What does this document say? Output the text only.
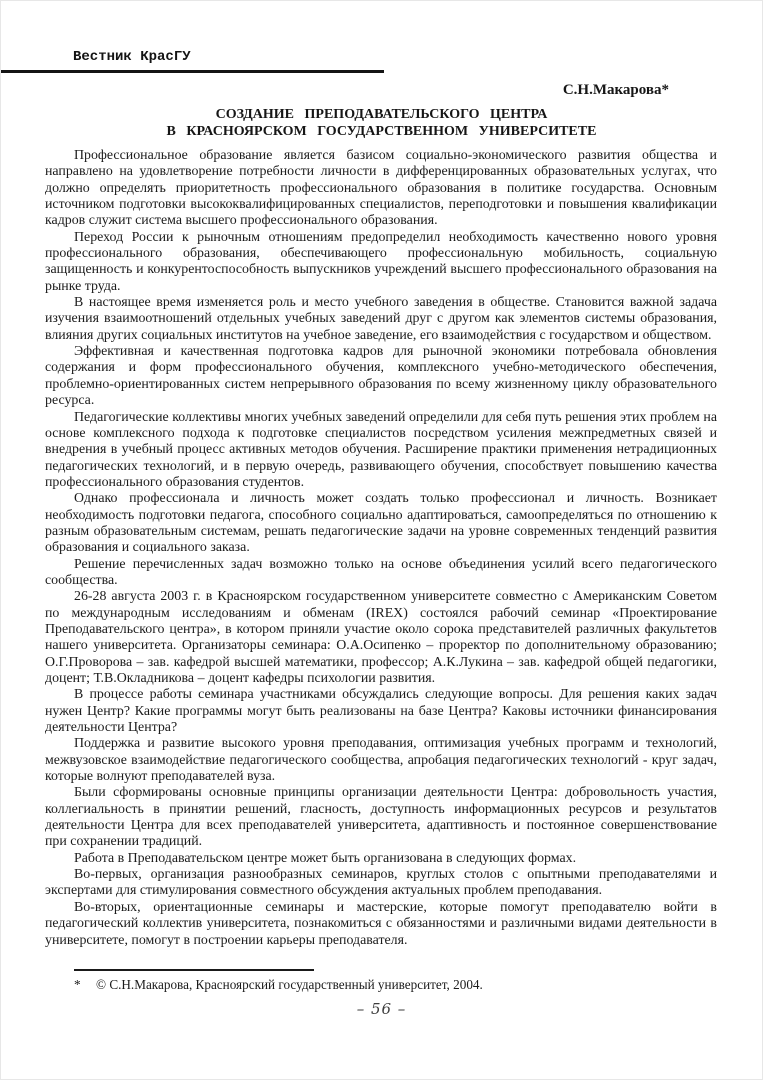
Вестник КрасГУ
С.Н.Макарова*
СОЗДАНИЕ ПРЕПОДАВАТЕЛЬСКОГО ЦЕНТРА
В КРАСНОЯРСКОМ ГОСУДАРСТВЕННОМ УНИВЕРСИТЕТЕ

Профессиональное образование является базисом социально-экономического развития общества и направлено на удовлетворение потребности личности в дифференцированных образовательных услугах, что должно определять приоритетность профессионального образования в политике государства. Основным источником подготовки высококвалифицированных специалистов, переподготовки и повышения квалификации кадров служит система высшего профессионального образования.

Переход России к рыночным отношениям предопределил необходимость качественно нового уровня профессионального образования, обеспечивающего профессиональную мобильность, социальную защищенность и конкурентоспособность выпускников учреждений высшего профессионального образования на рынке труда.

В настоящее время изменяется роль и место учебного заведения в обществе. Становится важной задача изучения взаимоотношений отдельных учебных заведений друг с другом как элементов системы образования, влияния других социальных институтов на учебное заведение, его взаимодействия с государством и обществом.

Эффективная и качественная подготовка кадров для рыночной экономики потребовала обновления содержания и форм профессионального обучения, комплексного учебно-методического обеспечения, проблемно-ориентированных систем непрерывного образования по всему жизненному циклу образовательного ресурса.

Педагогические коллективы многих учебных заведений определили для себя путь решения этих проблем на основе комплексного подхода к подготовке специалистов посредством усиления межпредметных связей и внедрения в учебный процесс активных методов обучения. Расширение практики применения нетрадиционных педагогических технологий, и в первую очередь, развивающего обучения, способствует повышению качества профессионального образования студентов.

Однако профессионала и личность может создать только профессионал и личность. Возникает необходимость подготовки педагога, способного социально адаптироваться, самоопределяться по отношению к разным образовательным системам, решать педагогические задачи на уровне современных тенденций развития образования и социального заказа.

Решение перечисленных задач возможно только на основе объединения усилий всего педагогического сообщества.

26-28 августа 2003 г. в Красноярском государственном университете совместно с Американским Советом по международным исследованиям и обменам (IREX) состоялся рабочий семинар «Проектирование Преподавательского центра», в котором приняли участие около сорока представителей различных факультетов нашего университета. Организаторы семинара: О.А.Осипенко – проректор по дополнительному образованию; О.Г.Проворова – зав. кафедрой высшей математики, профессор; А.К.Лукина – зав. кафедрой общей педагогики, доцент; Т.В.Окладникова – доцент кафедры психологии развития.

В процессе работы семинара участниками обсуждались следующие вопросы. Для решения каких задач нужен Центр? Какие программы могут быть реализованы на базе Центра? Каковы источники финансирования деятельности Центра?

Поддержка и развитие высокого уровня преподавания, оптимизация учебных программ и технологий, межвузовское взаимодействие педагогического сообщества, апробация педагогических технологий - круг задач, которые волнуют преподавателей вуза.

Были сформированы основные принципы организации деятельности Центра: добровольность участия, коллегиальность в принятии решений, гласность, доступность информационных ресурсов и результатов деятельности Центра для всех преподавателей университета, адаптивность и постоянное совершенствование при сохранении традиций.

Работа в Преподавательском центре может быть организована в следующих формах.

Во-первых, организация разнообразных семинаров, круглых столов с опытными преподавателями и экспертами для стимулирования совместного обсуждения актуальных проблем преподавания.

Во-вторых, ориентационные семинары и мастерские, которые помогут преподавателю войти в педагогический коллектив университета, познакомиться с обязанностями и различными видами деятельности в университете, помогут в построении карьеры преподавателя.

* © С.Н.Макарова, Красноярский государственный университет, 2004.
– 56 –
